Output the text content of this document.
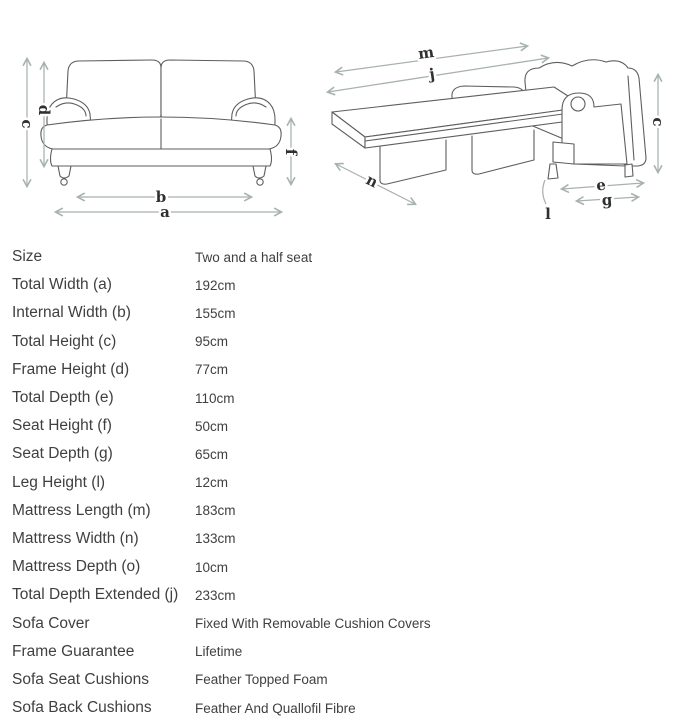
c
d
f
b
a
m
j
n	e
g
c
l
Size	Two and a half seat
Total Width (a)	192cm
Internal Width (b)	155cm
Total Height (c)	95cm
Frame Height (d)	77cm
Total Depth (e)	110cm
Seat Height (f)	50cm
Seat Depth (g)	65cm
Leg Height (l)	12cm
Mattress Length (m)	183cm
Mattress Width (n)	133cm
Mattress Depth (o)	10cm
Total Depth Extended (j)	233cm
Sofa Cover	Fixed With Removable Cushion Covers
Frame Guarantee	Lifetime
Sofa Seat Cushions	Feather Topped Foam
Sofa Back Cushions	Feather And Quallofil Fibre
